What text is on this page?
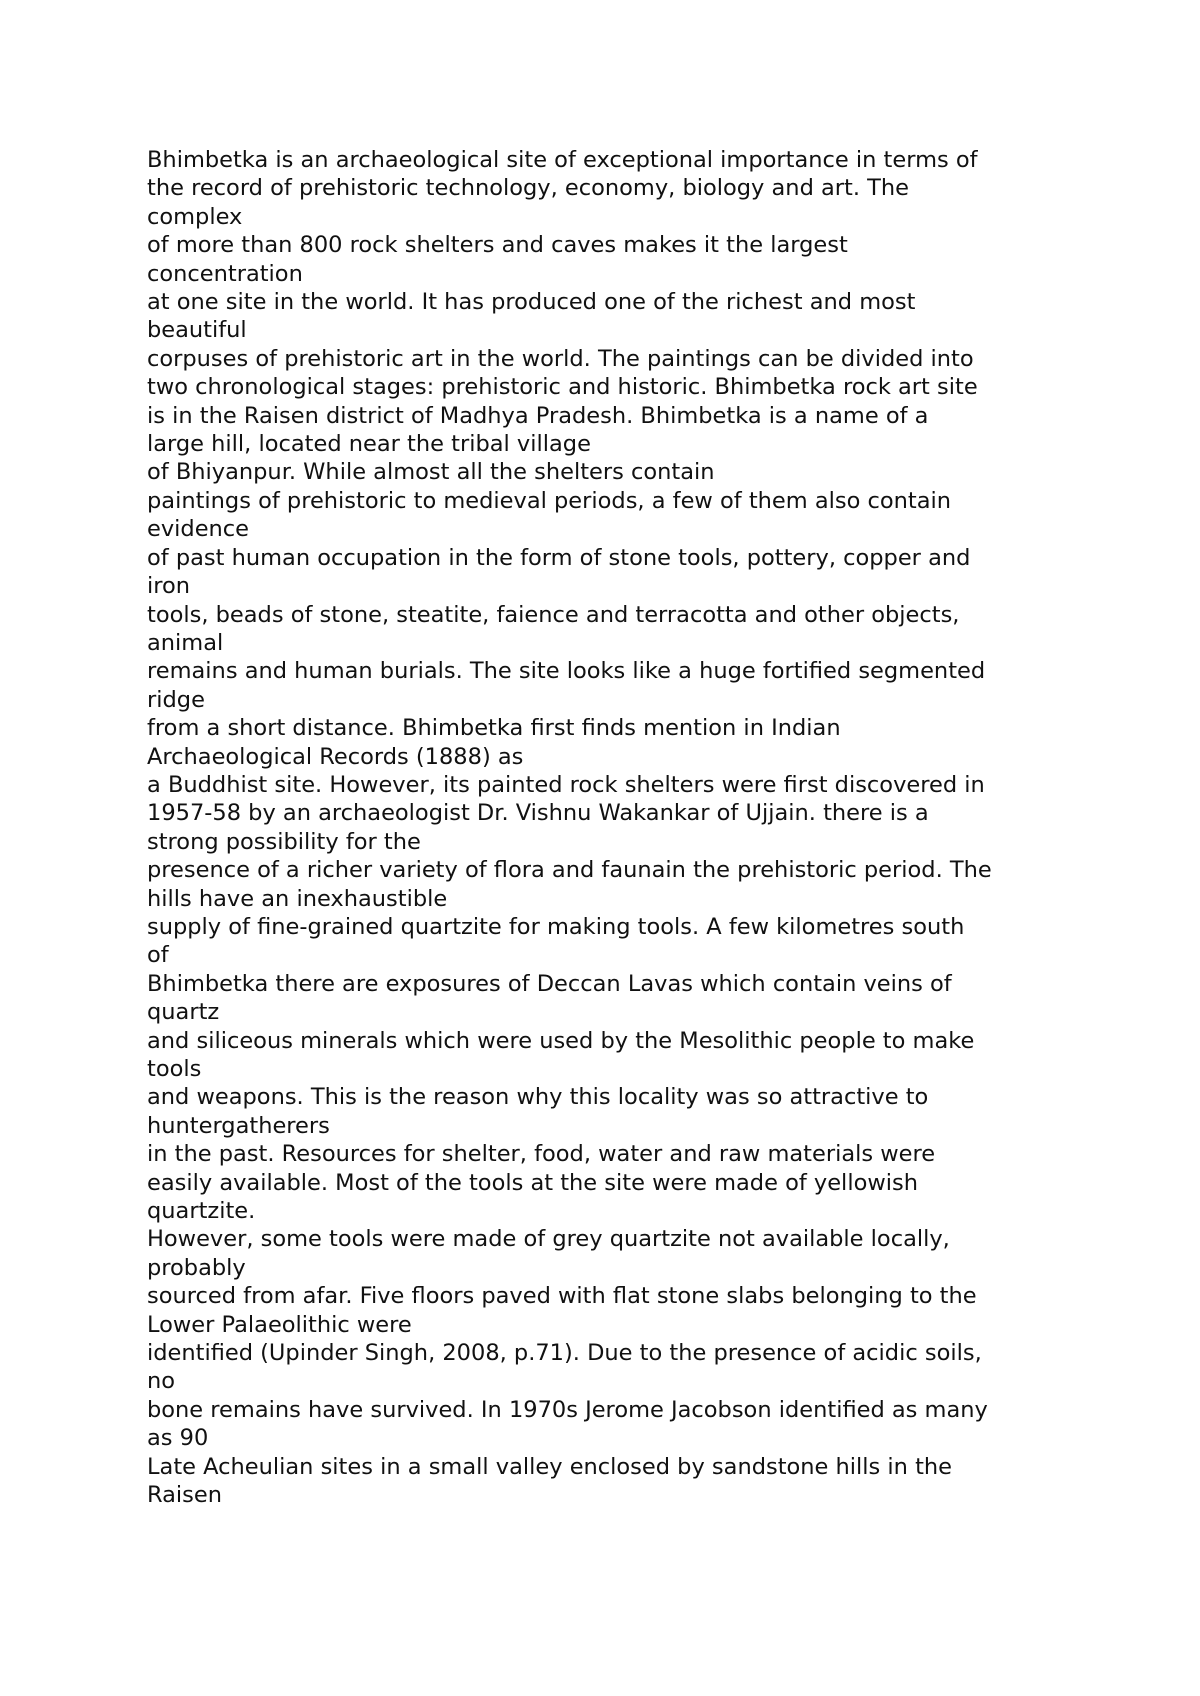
Bhimbetka is an archaeological site of exceptional importance in terms of
the record of prehistoric technology, economy, biology and art. The
complex
of more than 800 rock shelters and caves makes it the largest
concentration
at one site in the world. It has produced one of the richest and most
beautiful
corpuses of prehistoric art in the world. The paintings can be divided into
two chronological stages: prehistoric and historic. Bhimbetka rock art site
is in the Raisen district of Madhya Pradesh. Bhimbetka is a name of a
large hill, located near the tribal village
of Bhiyanpur. While almost all the shelters contain
paintings of prehistoric to medieval periods, a few of them also contain
evidence
of past human occupation in the form of stone tools, pottery, copper and
iron
tools, beads of stone, steatite, faience and terracotta and other objects,
animal
remains and human burials. The site looks like a huge fortified segmented
ridge
from a short distance. Bhimbetka first finds mention in Indian
Archaeological Records (1888) as
a Buddhist site. However, its painted rock shelters were first discovered in
1957-58 by an archaeologist Dr. Vishnu Wakankar of Ujjain. there is a
strong possibility for the
presence of a richer variety of flora and faunain the prehistoric period. The
hills have an inexhaustible
supply of fine-grained quartzite for making tools. A few kilometres south
of
Bhimbetka there are exposures of Deccan Lavas which contain veins of
quartz
and siliceous minerals which were used by the Mesolithic people to make
tools
and weapons. This is the reason why this locality was so attractive to
huntergatherers
in the past. Resources for shelter, food, water and raw materials were
easily available. Most of the tools at the site were made of yellowish
quartzite.
However, some tools were made of grey quartzite not available locally,
probably
sourced from afar. Five floors paved with flat stone slabs belonging to the
Lower Palaeolithic were
identified (Upinder Singh, 2008, p.71). Due to the presence of acidic soils,
no
bone remains have survived. In 1970s Jerome Jacobson identified as many
as 90
Late Acheulian sites in a small valley enclosed by sandstone hills in the
Raisen
